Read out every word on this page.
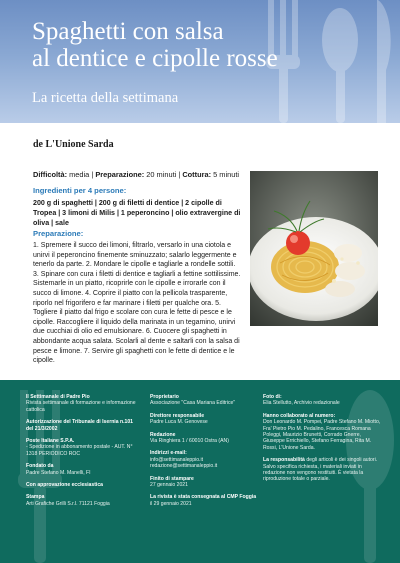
Spaghetti con salsa
al dentice e cipolle rosse
La ricetta della settimana
de L'Unione Sarda
Difficoltà: media | Preparazione: 20 minuti | Cottura: 5 minuti
Ingredienti per 4 persone:
200 g di spaghetti | 200 g di filetti di dentice | 2 cipolle di Tropea | 3 limoni di Milis | 1 peperoncino | olio extravergine di oliva | sale
Preparazione:
1. Spremere il succo dei limoni, filtrarlo, versarlo in una ciotola e unirvi il peperoncino finemente sminuzzato; salarlo leggermente e tenerlo da parte. 2. Mondare le cipolle e tagliarle a rondelle sottili. 3. Spinare con cura i filetti di dentice e tagliarli a fettine sottilissime. Sistemarle in un piatto, ricoprirle con le cipolle e irrorarle con il succo di limone. 4. Coprire il piatto con la pellicola trasparente, riporlo nel frigorifero e far marinare i filetti per qualche ora. 5. Togliere il piatto dal frigo e scolare con cura le fette di pesce e le cipolle. Raccogliere il liquido della marinata in un tegamino, unirvi due cucchiai di olio ed emulsionare. 6. Cuocere gli spaghetti in abbondante acqua salata. Scolarli al dente e saltarli con la salsa di pesce e limone. 7. Servire gli spaghetti con le fette di dentice e le cipolle.
Il Settimanale di Padre Pio
Rivista settimanale di formazione e informazione cattolica
Autorizzazione del Tribunale di Isernia n.101 del 21/3/2002
Poste Italiane S.P.A.
- Spedizione in abbonamento postale - AUT. N° 1318 PERIODICO ROC
Fondato da
Padre Stefano M. Manelli, FI
Con approvazione ecclesiastica
Stampa
Arti Grafiche Grilli S.r.l. 71121 Foggia
Proprietario
Associazione "Casa Mariana Editrice"
Direttore responsabile
Padre Luca M. Genovese
Redazione
Via Ringhiera 1 / 60010 Ostra (AN)
Indirizzi e-mail:
info@settimanaleppio.it redazione@settimanaleppio.it
Finito di stampare
27 gennaio 2021
La rivista è stata consegnata al CMP Foggia
il 29 gennaio 2021
Foto di:
Elia Stellutto, Archivio redazionale
Hanno collaborato al numero:
Don Leonardo M. Pompei, Padre Stefano M. Miotto, Fra' Pietro Pio M. Pedalino, Francesca Romana Poleggi, Maurizio Brunetti, Corrado Gnerre, Giuseppe Errichiello, Stefano Ferragina, Rita M. Rossi, L'Unione Sarda.
La responsabilità degli articoli è dei singoli autori. Salvo specifica richiesta, i materiali inviati in redazione non vengono restituiti. È vietata la riproduzione totale o parziale.
